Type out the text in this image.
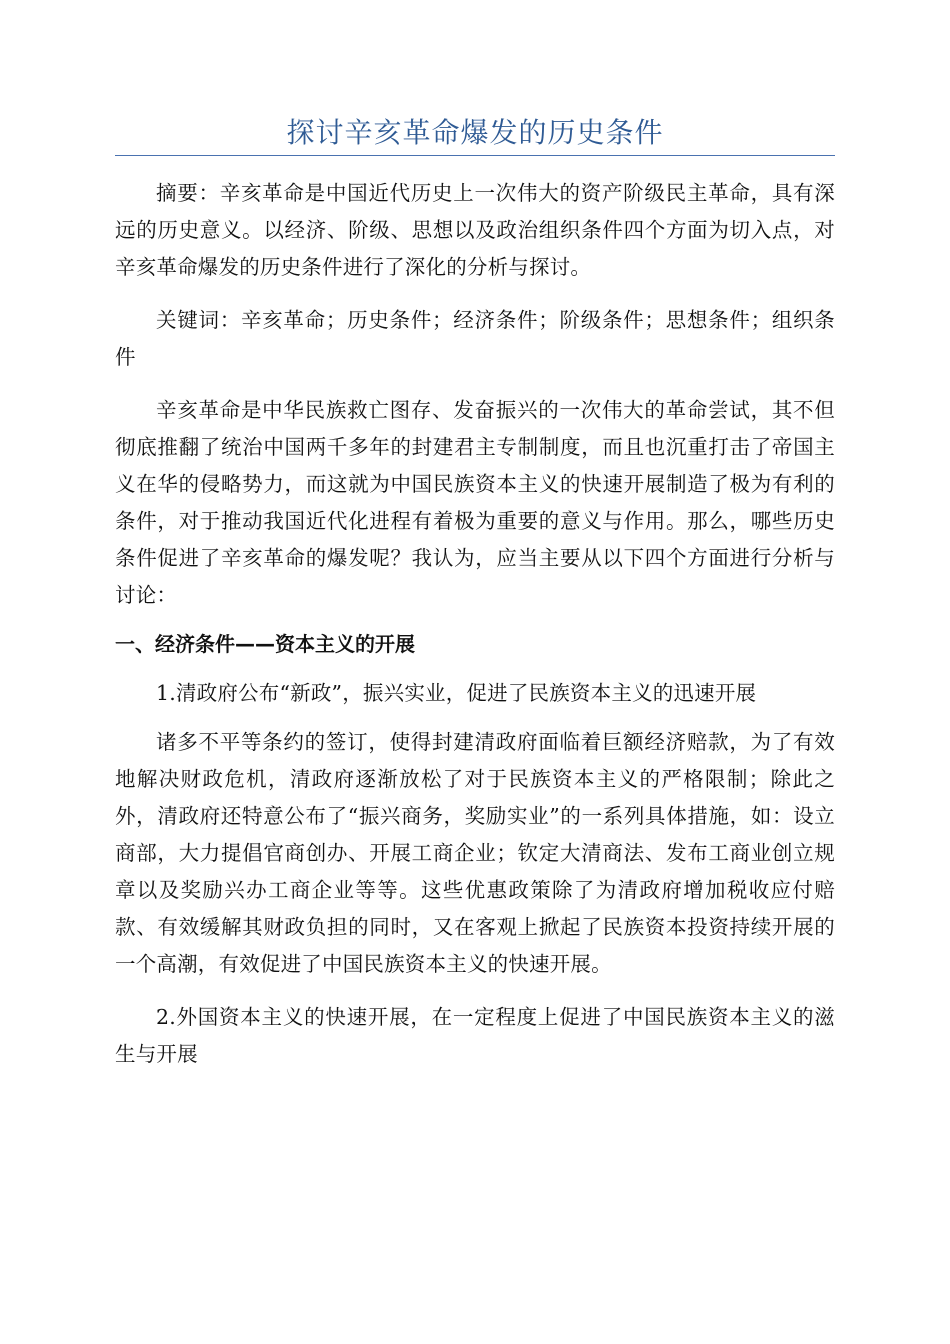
探讨辛亥革命爆发的历史条件

摘要：辛亥革命是中国近代历史上一次伟大的资产阶级民主革命，具有深远的历史意义。以经济、阶级、思想以及政治组织条件四个方面为切入点，对辛亥革命爆发的历史条件进行了深化的分析与探讨。

关键词：辛亥革命；历史条件；经济条件；阶级条件；思想条件；组织条件

辛亥革命是中华民族救亡图存、发奋振兴的一次伟大的革命尝试，其不但彻底推翻了统治中国两千多年的封建君主专制制度，而且也沉重打击了帝国主义在华的侵略势力，而这就为中国民族资本主义的快速开展制造了极为有利的条件，对于推动我国近代化进程有着极为重要的意义与作用。那么，哪些历史条件促进了辛亥革命的爆发呢？我认为，应当主要从以下四个方面进行分析与讨论：

一、经济条件——资本主义的开展

1.清政府公布“新政”，振兴实业，促进了民族资本主义的迅速开展

诸多不平等条约的签订，使得封建清政府面临着巨额经济赔款，为了有效地解决财政危机，清政府逐渐放松了对于民族资本主义的严格限制；除此之外，清政府还特意公布了“振兴商务，奖励实业”的一系列具体措施，如：设立商部，大力提倡官商创办、开展工商企业；钦定大清商法、发布工商业创立规章以及奖励兴办工商企业等等。这些优惠政策除了为清政府增加税收应付赔款、有效缓解其财政负担的同时，又在客观上掀起了民族资本投资持续开展的一个高潮，有效促进了中国民族资本主义的快速开展。

2.外国资本主义的快速开展，在一定程度上促进了中国民族资本主义的滋生与开展
